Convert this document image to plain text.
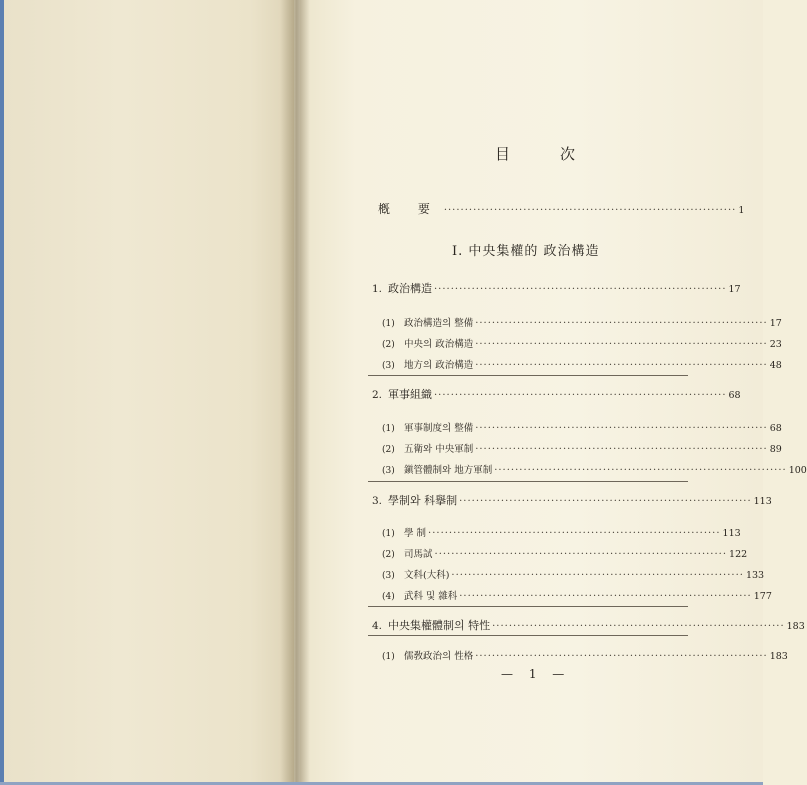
目	次
槪 要 ······································································ 1
I. 中央集權的 政治構造
1. 政治構造 ······································································ 17
(1) 政治構造의 整備 ······································································ 17
(2) 中央의 政治構造 ······································································ 23
(3) 地方의 政治構造 ······································································ 48
2. 軍事組織 ······································································ 68
(1) 軍事制度의 整備 ······································································ 68
(2) 五衛와 中央軍制 ······································································ 89
(3) 鎭管體制와 地方軍制 ······································································ 100
3. 學制와 科擧制 ······································································ 113
(1) 學 制 ······································································ 113
(2) 司馬試 ······································································ 122
(3) 文科(大科) ······································································ 133
(4) 武科 및 雜科 ······································································ 177
4. 中央集權體制의 特性 ······································································ 183
(1) 儒敎政治의 性格 ······································································ 183
— 1 —
